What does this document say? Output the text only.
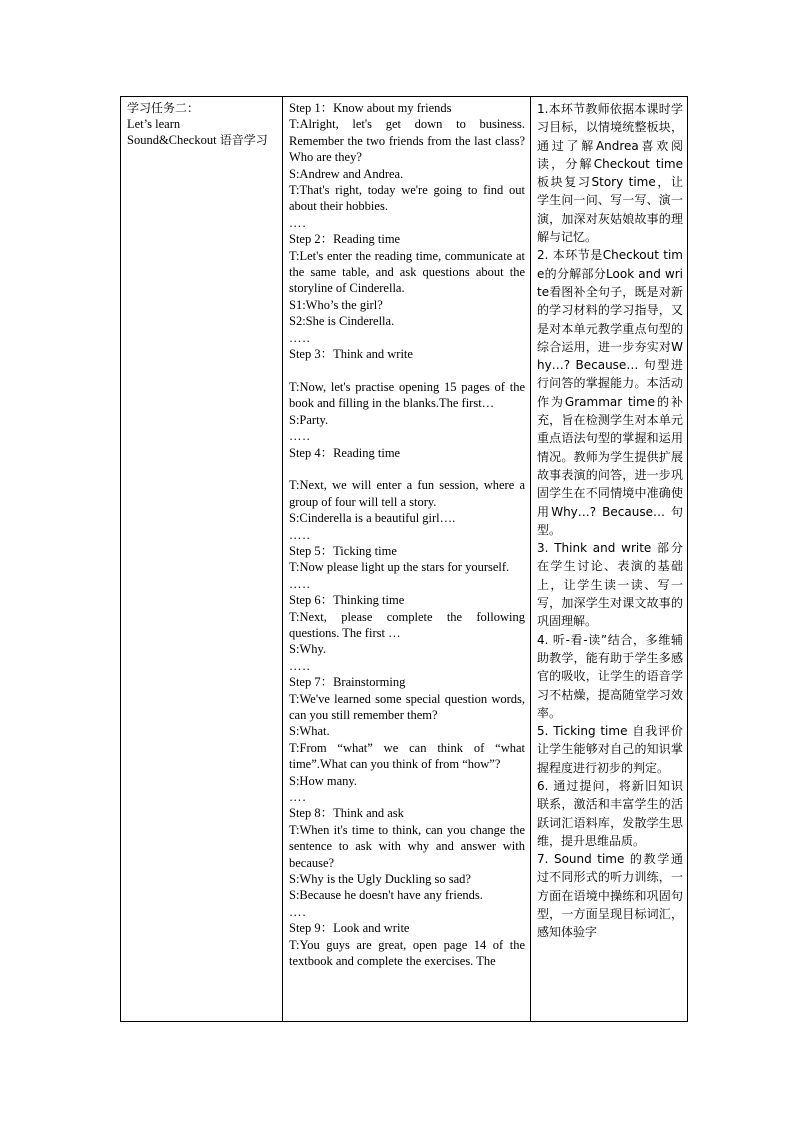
学习任务二：
Let’s learn
Sound&Checkout 语音学习
Step 1：Know about my friends
T:Alright, let's get down to business. Remember the two friends from the last class? Who are they?
S:Andrew and Andrea.
T:That's right, today we're going to find out about their hobbies.
….
Step 2：Reading time
T:Let's enter the reading time, communicate at the same table, and ask questions about the storyline of Cinderella.
S1:Who’s the girl?
S2:She is Cinderella.
…..
Step 3：Think and write
T:Now, let's practise opening 15 pages of the book and filling in the blanks.The first…
S:Party.
…..
Step 4：Reading time
T:Next, we will enter a fun session, where a group of four will tell a story.
S:Cinderella is a beautiful girl….
…..
Step 5：Ticking time
T:Now please light up the stars for yourself.
…..
Step 6：Thinking time
T:Next, please complete the following questions. The first …
S:Why.
…..
Step 7：Brainstorming
T:We've learned some special question words, can you still remember them?
S:What.
T:From “what” we can think of “what time”.What can you think of from “how”?
S:How many.
….
Step 8：Think and ask
T:When it's time to think, can you change the sentence to ask with why and answer with because?
S:Why is the Ugly Duckling so sad?
S:Because he doesn't have any friends.
….
Step 9：Look and write
T:You guys are great, open page 14 of the textbook and complete the exercises. The
1.本环节教师依据本课时学习目标，以情境统整板块，通过了解Andrea喜欢阅读，分解Checkout time板块复习Story time，让学生问一问、写一写、演一演，加深对灰姑娘故事的理解与记忆。
2. 本环节是Checkout time的分解部分Look and write看图补全句子，既是对新的学习材料的学习指导，又是对本单元教学重点句型的综合运用，进一步夯实对Why…? Because… 句型进行问答的掌握能力。本活动作为Grammar time的补充，旨在检测学生对本单元重点语法句型的掌握和运用情况。教师为学生提供扩展故事表演的问答，进一步巩固学生在不同情境中准确使用Why…? Because… 句型。
3. Think and write 部分在学生讨论、表演的基础上，让学生读一读、写一写，加深学生对课文故事的巩固理解。
4. 听-看-读”结合，多维辅助教学，能有助于学生多感官的吸收，让学生的语音学习不枯燥，提高随堂学习效率。
5. Ticking time 自我评价让学生能够对自己的知识掌握程度进行初步的判定。
6. 通过提问，将新旧知识联系，激活和丰富学生的活跃词汇语料库，发散学生思维，提升思维品质。
7. Sound time 的教学通过不同形式的听力训练，一方面在语境中操练和巩固句型，一方面呈现目标词汇，感知体验字
